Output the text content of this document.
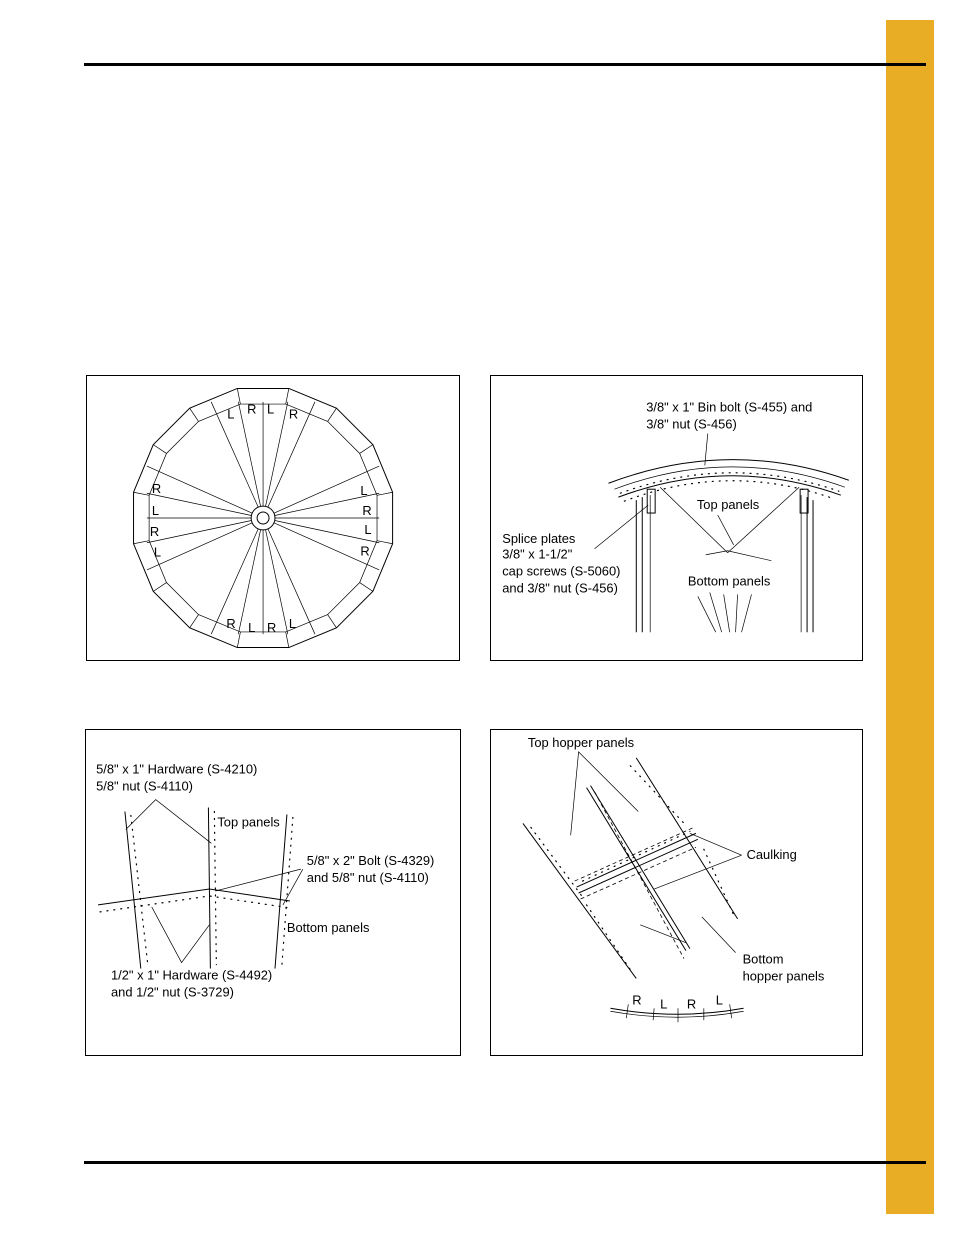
L R L R
R
L
R
L
L
R
L
R
R L R L
3/8" x 1" Bin bolt (S-455) and
3/8" nut (S-456)
Top panels
Splice plates
3/8" x 1-1/2"
cap screws (S-5060)
and 3/8" nut (S-456)	Bottom panels
5/8" x 1" Hardware (S-4210)
5/8" nut (S-4110)
Top panels
5/8" x 2" Bolt (S-4329)
and 5/8" nut (S-4110)
Bottom panels
1/2" x 1" Hardware (S-4492)
and 1/2" nut (S-3729)
Top hopper panels
Caulking
Bottom
hopper panels
R L R L
